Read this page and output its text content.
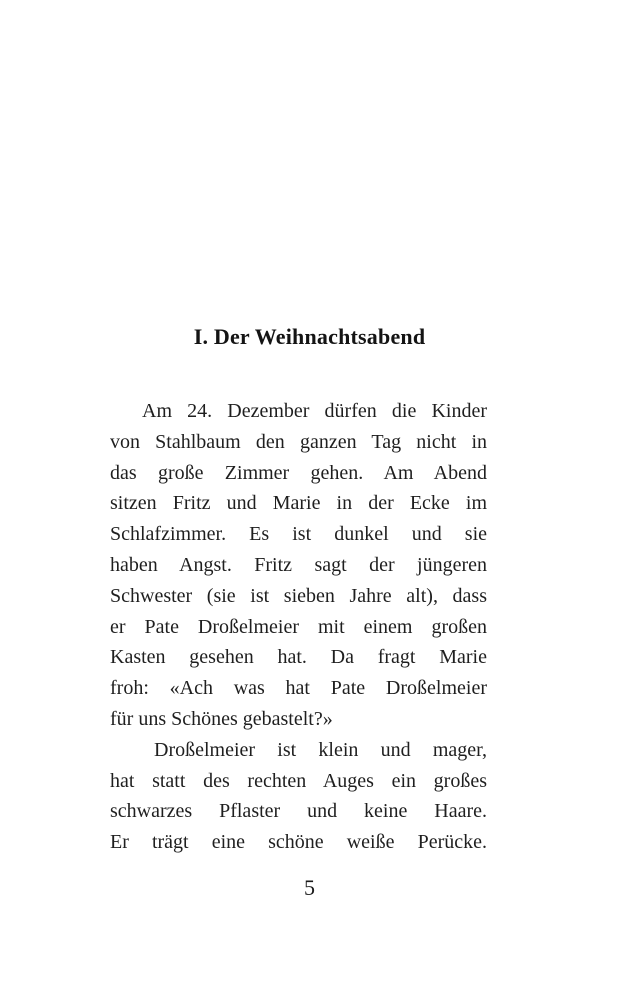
I. Der Weihnachtsabend
Am 24. Dezember dürfen die Kinder
von Stahlbaum den ganzen Tag nicht in
das große Zimmer gehen. Am Abend
sitzen Fritz und Marie in der Ecke im
Schlafzimmer. Es ist dunkel und sie
haben Angst. Fritz sagt der jüngeren
Schwester (sie ist sieben Jahre alt), dass
er Pate Droßelmeier mit einem großen
Kasten gesehen hat. Da fragt Marie
froh: «Ach was hat Pate Droßelmeier
für uns Schönes gebastelt?»
Droßelmeier ist klein und mager,
hat statt des rechten Auges ein großes
schwarzes Pflaster und keine Haare.
Er trägt eine schöne weiße Perücke.
5
